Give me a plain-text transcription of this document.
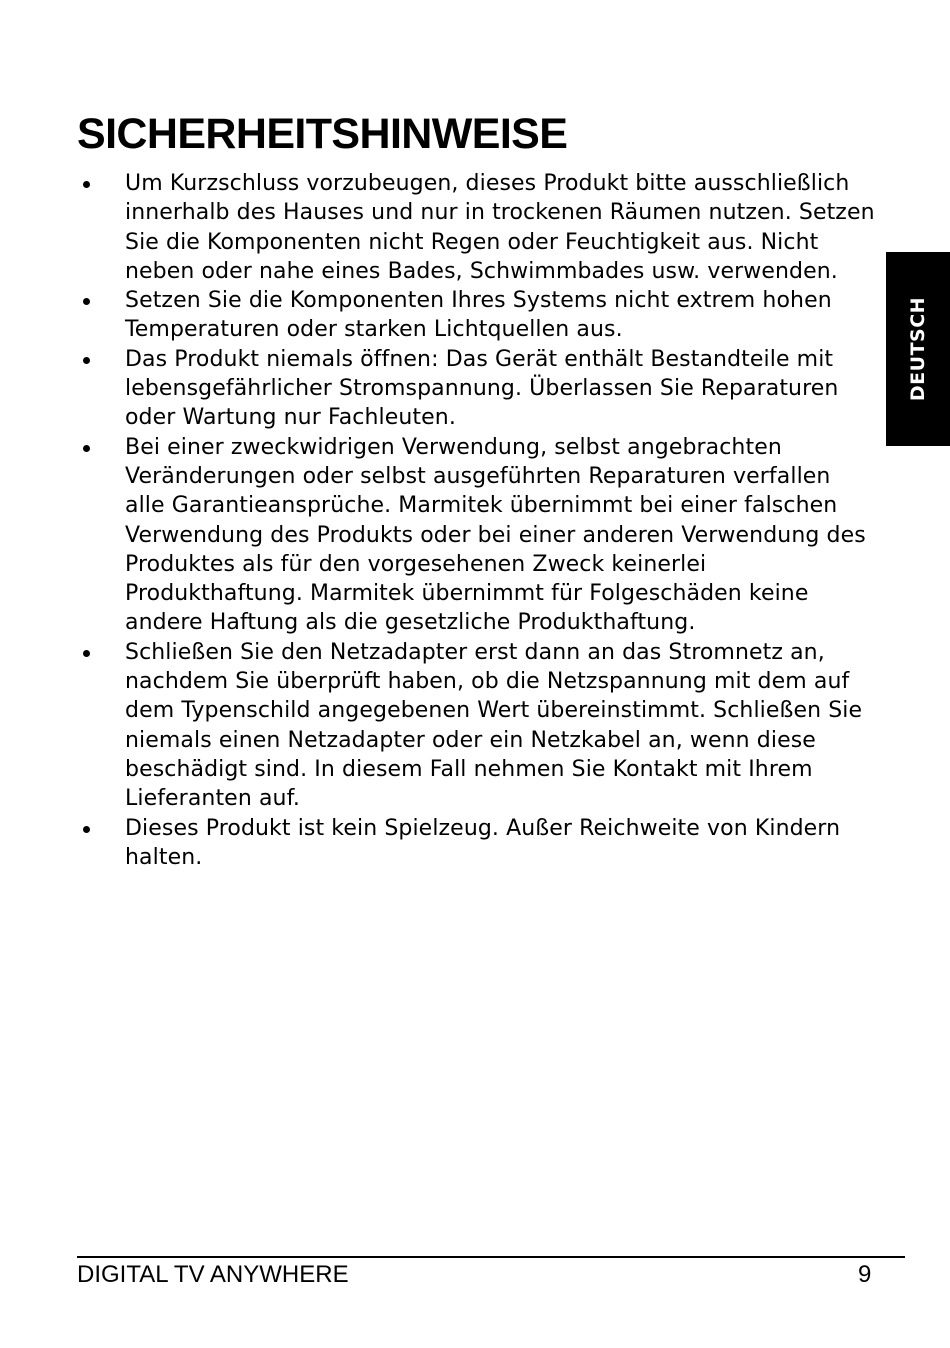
SICHERHEITSHINWEISE
Um Kurzschluss vorzubeugen, dieses Produkt bitte ausschließlich innerhalb des Hauses und nur in trockenen Räumen nutzen. Setzen Sie die Komponenten nicht Regen oder Feuchtigkeit aus. Nicht neben oder nahe eines Bades, Schwimmbades usw. verwenden.
Setzen Sie die Komponenten Ihres Systems nicht extrem hohen Temperaturen oder starken Lichtquellen aus.
Das Produkt niemals öffnen: Das Gerät enthält Bestandteile mit lebensgefährlicher Stromspannung. Überlassen Sie Reparaturen oder Wartung nur Fachleuten.
Bei einer zweckwidrigen Verwendung, selbst angebrachten Veränderungen oder selbst ausgeführten Reparaturen verfallen alle Garantieansprüche. Marmitek übernimmt bei einer falschen Verwendung des Produkts oder bei einer anderen Verwendung des Produktes als für den vorgesehenen Zweck keinerlei Produkthaftung. Marmitek übernimmt für Folgeschäden keine andere Haftung als die gesetzliche Produkthaftung.
Schließen Sie den Netzadapter erst dann an das Stromnetz an, nachdem Sie überprüft haben, ob die Netzspannung mit dem auf dem Typenschild angegebenen Wert übereinstimmt. Schließen Sie niemals einen Netzadapter oder ein Netzkabel an, wenn diese beschädigt sind. In diesem Fall nehmen Sie Kontakt mit Ihrem Lieferanten auf.
Dieses Produkt ist kein Spielzeug. Außer Reichweite von Kindern halten.
DEUTSCH
DIGITAL TV ANYWHERE	9
